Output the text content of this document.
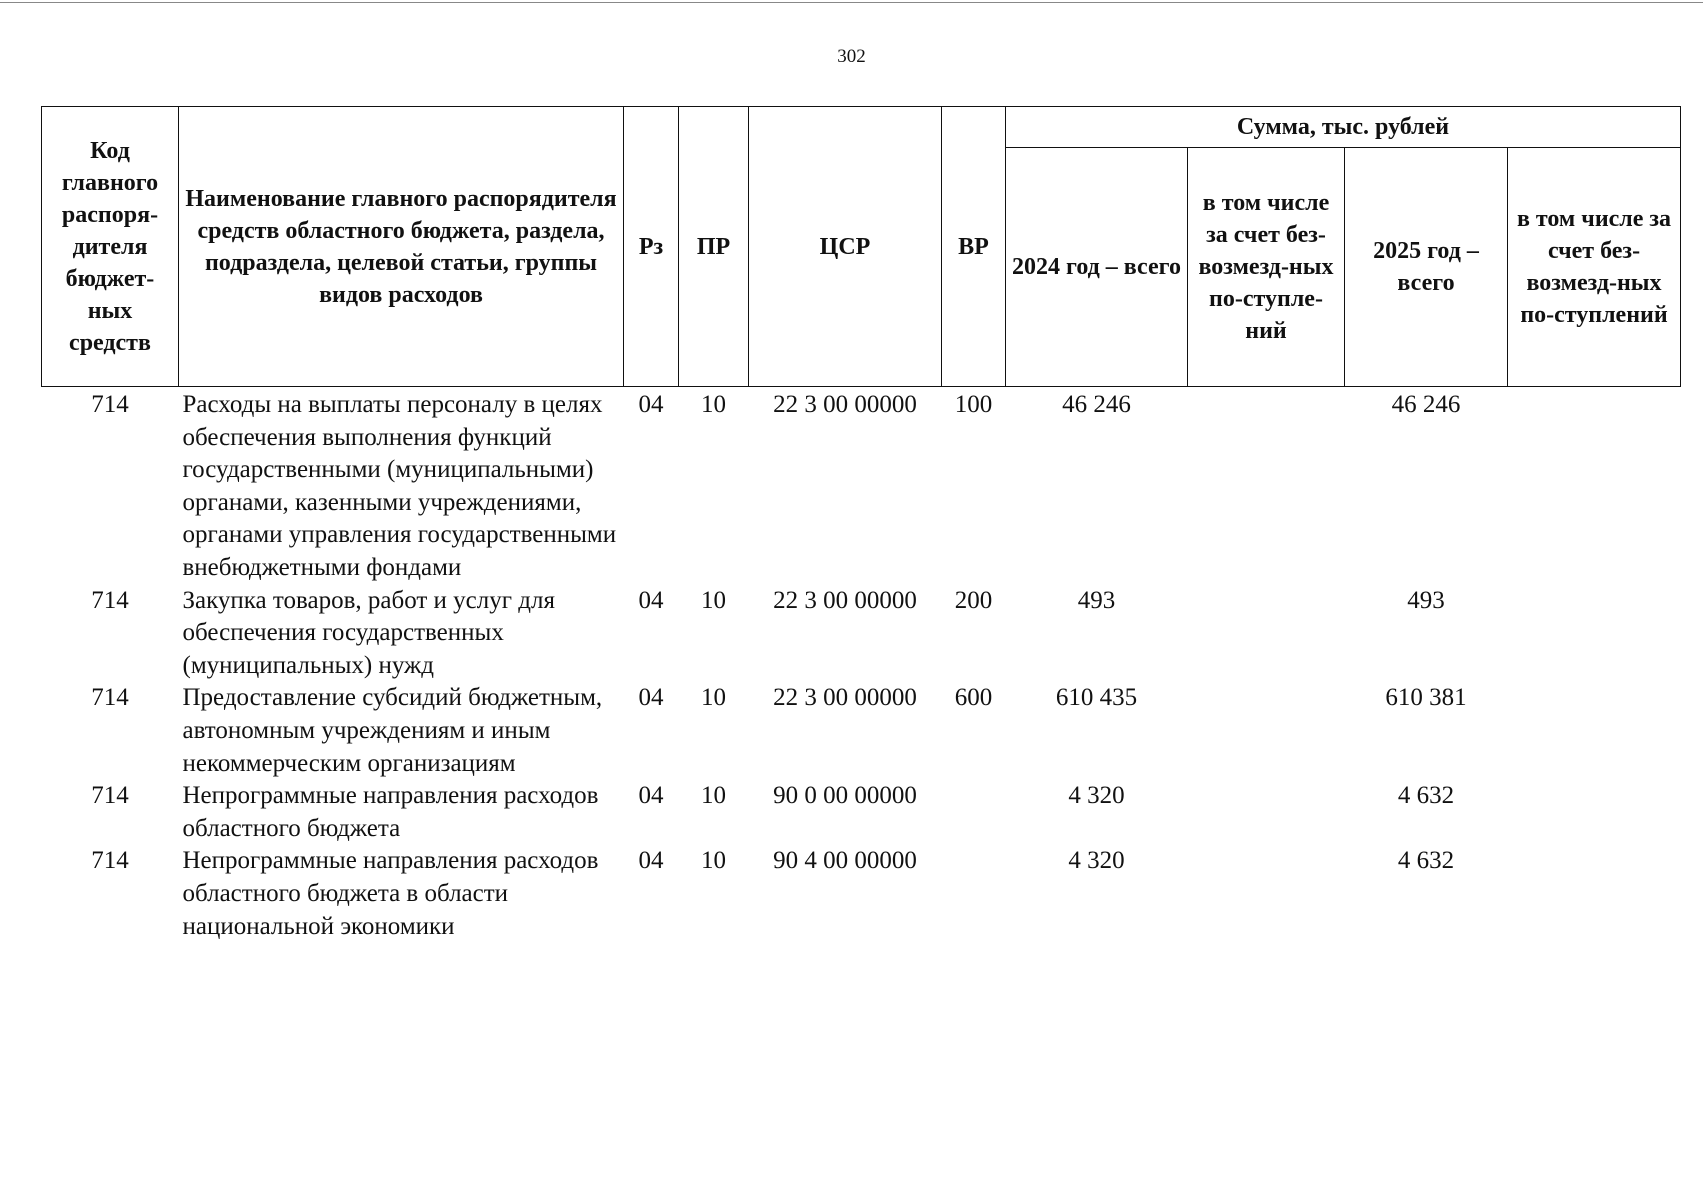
302
Код главного распоря-дителя бюджет-ных средств	Наименование главного распорядителя средств областного бюджета, раздела, подраздела, целевой статьи, группы видов расходов	Рз	ПР	ЦСР	ВР	Сумма, тыс. рублей			
						2024 год – всего	в том числе за счет без-возмезд-ных по-ступле-ний	2025 год – всего	в том числе за счет без-возмезд-ных по-ступлений
714	Расходы на выплаты персоналу в целях обеспечения выполнения функций государственными (муниципальными) органами, казенными учреждениями, органами управления государственными внебюджетными фондами	04	10	22 3 00 00000	100	46 246		46 246	
714	Закупка товаров, работ и услуг для обеспечения государственных (муниципальных) нужд	04	10	22 3 00 00000	200	493		493	
714	Предоставление субсидий бюджетным, автономным учреждениям и иным некоммерческим организациям	04	10	22 3 00 00000	600	610 435		610 381	
714	Непрограммные направления расходов областного бюджета	04	10	90 0 00 00000		4 320		4 632	
714	Непрограммные направления расходов областного бюджета в области национальной экономики	04	10	90 4 00 00000		4 320		4 632	
